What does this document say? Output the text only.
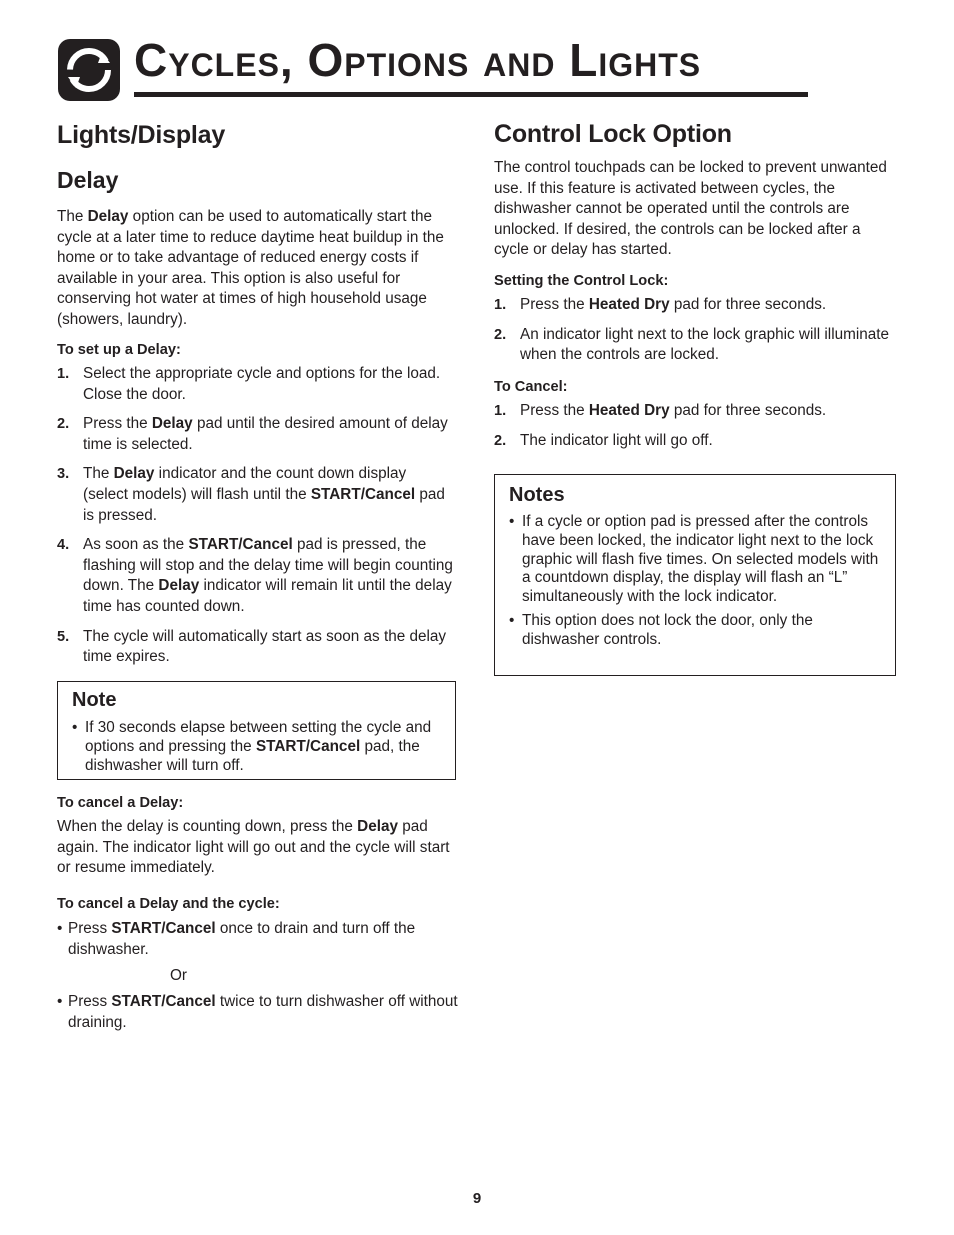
Cycles, Options and Lights
Lights/Display
Delay

The Delay option can be used to automatically start the cycle at a later time to reduce daytime heat buildup in the home or to take advantage of reduced energy costs if available in your area. This option is also useful for conserving hot water at times of high household usage (showers, laundry).

To set up a Delay:

1. Select the appropriate cycle and options for the load. Close the door.
2. Press the Delay pad until the desired amount of delay time is selected.
3. The Delay indicator and the count down display (select models) will flash until the START/Cancel pad is pressed.
4. As soon as the START/Cancel pad is pressed, the flashing will stop and the delay time will begin counting down. The Delay indicator will remain lit until the delay time has counted down.
5. The cycle will automatically start as soon as the delay time expires.

Note

• If 30 seconds elapse between setting the cycle and options and pressing the START/Cancel pad, the dishwasher will turn off.

To cancel a Delay:

When the delay is counting down, press the Delay pad again. The indicator light will go out and the cycle will start or resume immediately.

To cancel a Delay and the cycle:

• Press START/Cancel once to drain and turn off the dishwasher.

Or

• Press START/Cancel twice to turn dishwasher off without draining.

Control Lock Option

The control touchpads can be locked to prevent unwanted use. If this feature is activated between cycles, the dishwasher cannot be operated until the controls are unlocked. If desired, the controls can be locked after a cycle or delay has started.

Setting the Control Lock:

1. Press the Heated Dry pad for three seconds.
2. An indicator light next to the lock graphic will illuminate when the controls are locked.

To Cancel:

1. Press the Heated Dry pad for three seconds.
2. The indicator light will go off.

Notes

• If a cycle or option pad is pressed after the controls have been locked, the indicator light next to the lock graphic will flash five times. On selected models with a countdown display, the display will flash an “L” simultaneously with the lock indicator.
• This option does not lock the door, only the dishwasher controls.
9
